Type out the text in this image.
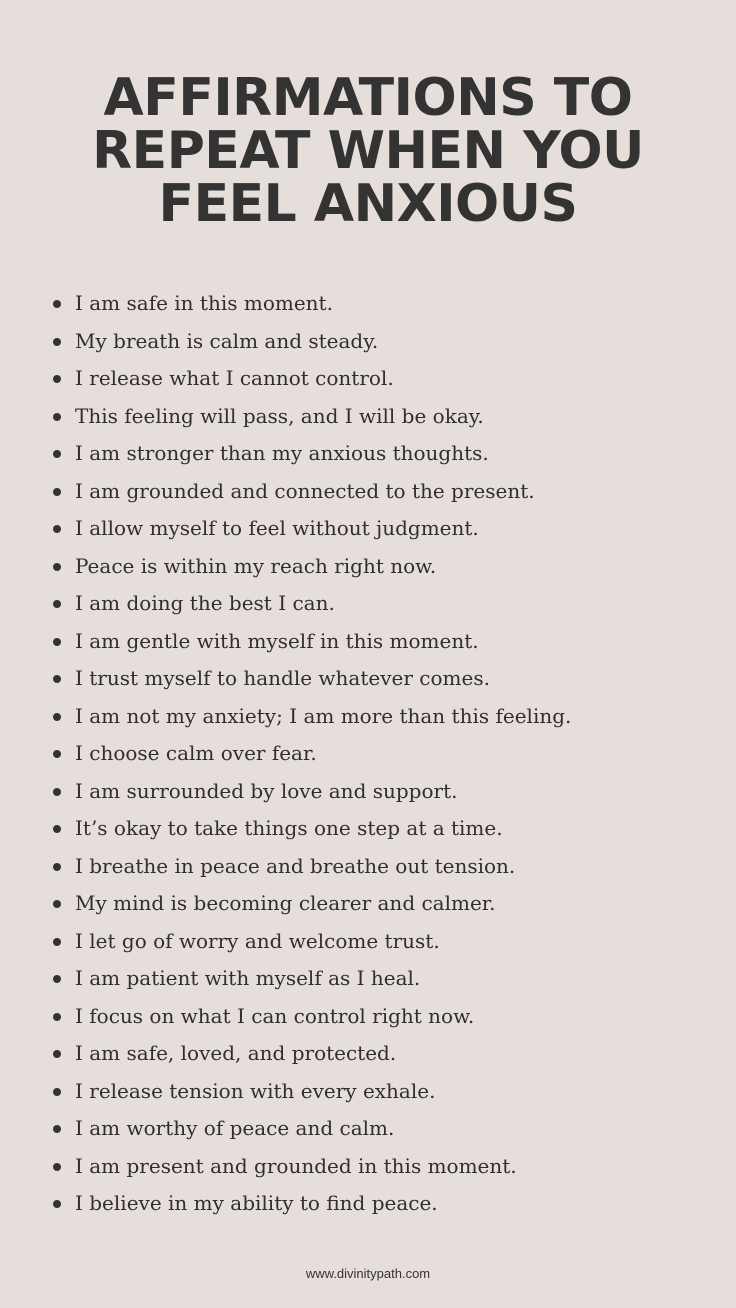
AFFIRMATIONS TO
REPEAT WHEN YOU
FEEL ANXIOUS
I am safe in this moment.
My breath is calm and steady.
I release what I cannot control.
This feeling will pass, and I will be okay.
I am stronger than my anxious thoughts.
I am grounded and connected to the present.
I allow myself to feel without judgment.
Peace is within my reach right now.
I am doing the best I can.
I am gentle with myself in this moment.
I trust myself to handle whatever comes.
I am not my anxiety; I am more than this feeling.
I choose calm over fear.
I am surrounded by love and support.
It’s okay to take things one step at a time.
I breathe in peace and breathe out tension.
My mind is becoming clearer and calmer.
I let go of worry and welcome trust.
I am patient with myself as I heal.
I focus on what I can control right now.
I am safe, loved, and protected.
I release tension with every exhale.
I am worthy of peace and calm.
I am present and grounded in this moment.
I believe in my ability to find peace.
www.divinitypath.com
